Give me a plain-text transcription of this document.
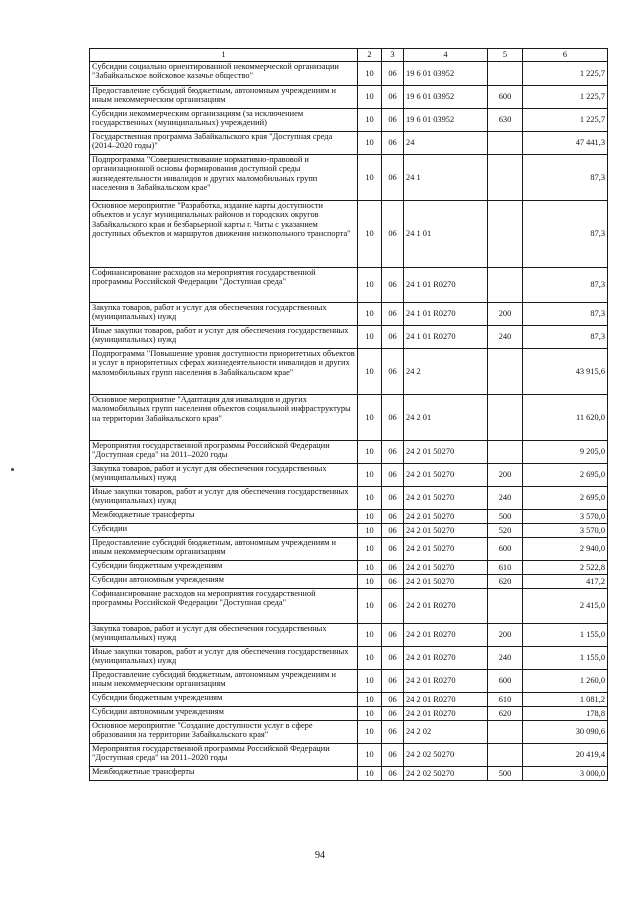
1	2	3	4	5	6
Субсидии социально ориентированной некоммерческой организации "Забайкальское войсковое казачье общество"	10	06	19 6 01 03952		1 225,7
Предоставление субсидий бюджетным, автономным учреждениям и иным некоммерческим организациям	10	06	19 6 01 03952	600	1 225,7
Субсидии некоммерческим организациям (за исключением государственных (муниципальных) учреждений)	10	06	19 6 01 03952	630	1 225,7
Государственная программа Забайкальского края "Доступная среда (2014–2020 годы)"	10	06	24		47 441,3
Подпрограмма "Совершенствование нормативно-правовой и организационной основы формирования доступной среды жизнедеятельности инвалидов и других маломобильных групп населения в Забайкальском крае"	10	06	24 1		87,3
Основное мероприятие "Разработка, издание карты доступности объектов и услуг муниципальных районов и городских округов Забайкальского края и безбарьерной карты г. Читы с указанием доступных объектов и маршрутов движения низкопольного транспорта"	10	06	24 1 01		87,3
Софинансирование расходов на мероприятия государственной программы Российской Федерации "Доступная среда"	10	06	24 1 01 R0270		87,3
Закупка товаров, работ и услуг для обеспечения государственных (муниципальных) нужд	10	06	24 1 01 R0270	200	87,3
Иные закупки товаров, работ и услуг для обеспечения государственных (муниципальных) нужд	10	06	24 1 01 R0270	240	87,3
Подпрограмма "Повышение уровня доступности приоритетных объектов и услуг в приоритетных сферах жизнедеятельности инвалидов и других маломобильных групп населения в Забайкальском крае"	10	06	24 2		43 915,6
Основное мероприятие "Адаптация для инвалидов и других маломобильных групп населения объектов социальной инфраструктуры на территории Забайкальского края"	10	06	24 2 01		11 620,0
Мероприятия государственной программы Российской Федерации "Доступная среда" на 2011–2020 годы	10	06	24 2 01 50270		9 205,0
Закупка товаров, работ и услуг для обеспечения государственных (муниципальных) нужд	10	06	24 2 01 50270	200	2 695,0
Иные закупки товаров, работ и услуг для обеспечения государственных (муниципальных) нужд	10	06	24 2 01 50270	240	2 695,0
Межбюджетные трансферты	10	06	24 2 01 50270	500	3 570,0
Субсидии	10	06	24 2 01 50270	520	3 570,0
Предоставление субсидий бюджетным, автономным учреждениям и иным некоммерческим организациям	10	06	24 2 01 50270	600	2 940,0
Субсидии бюджетным учреждениям	10	06	24 2 01 50270	610	2 522,8
Субсидии автономным учреждениям	10	06	24 2 01 50270	620	417,2
Софинансирование расходов на мероприятия государственной программы Российской Федерации "Доступная среда"	10	06	24 2 01 R0270		2 415,0
Закупка товаров, работ и услуг для обеспечения государственных (муниципальных) нужд	10	06	24 2 01 R0270	200	1 155,0
Иные закупки товаров, работ и услуг для обеспечения государственных (муниципальных) нужд	10	06	24 2 01 R0270	240	1 155,0
Предоставление субсидий бюджетным, автономным учреждениям и иным некоммерческим организациям	10	06	24 2 01 R0270	600	1 260,0
Субсидии бюджетным учреждениям	10	06	24 2 01 R0270	610	1 081,2
Субсидии автономным учреждениям	10	06	24 2 01 R0270	620	178,8
Основное мероприятие "Создание доступности услуг в сфере образования на территории Забайкальского края"	10	06	24 2 02		30 090,6
Мероприятия государственной программы Российской Федерации "Доступная среда" на 2011–2020 годы	10	06	24 2 02 50270		20 419,4
Межбюджетные трансферты	10	06	24 2 02 50270	500	3 000,0
94
